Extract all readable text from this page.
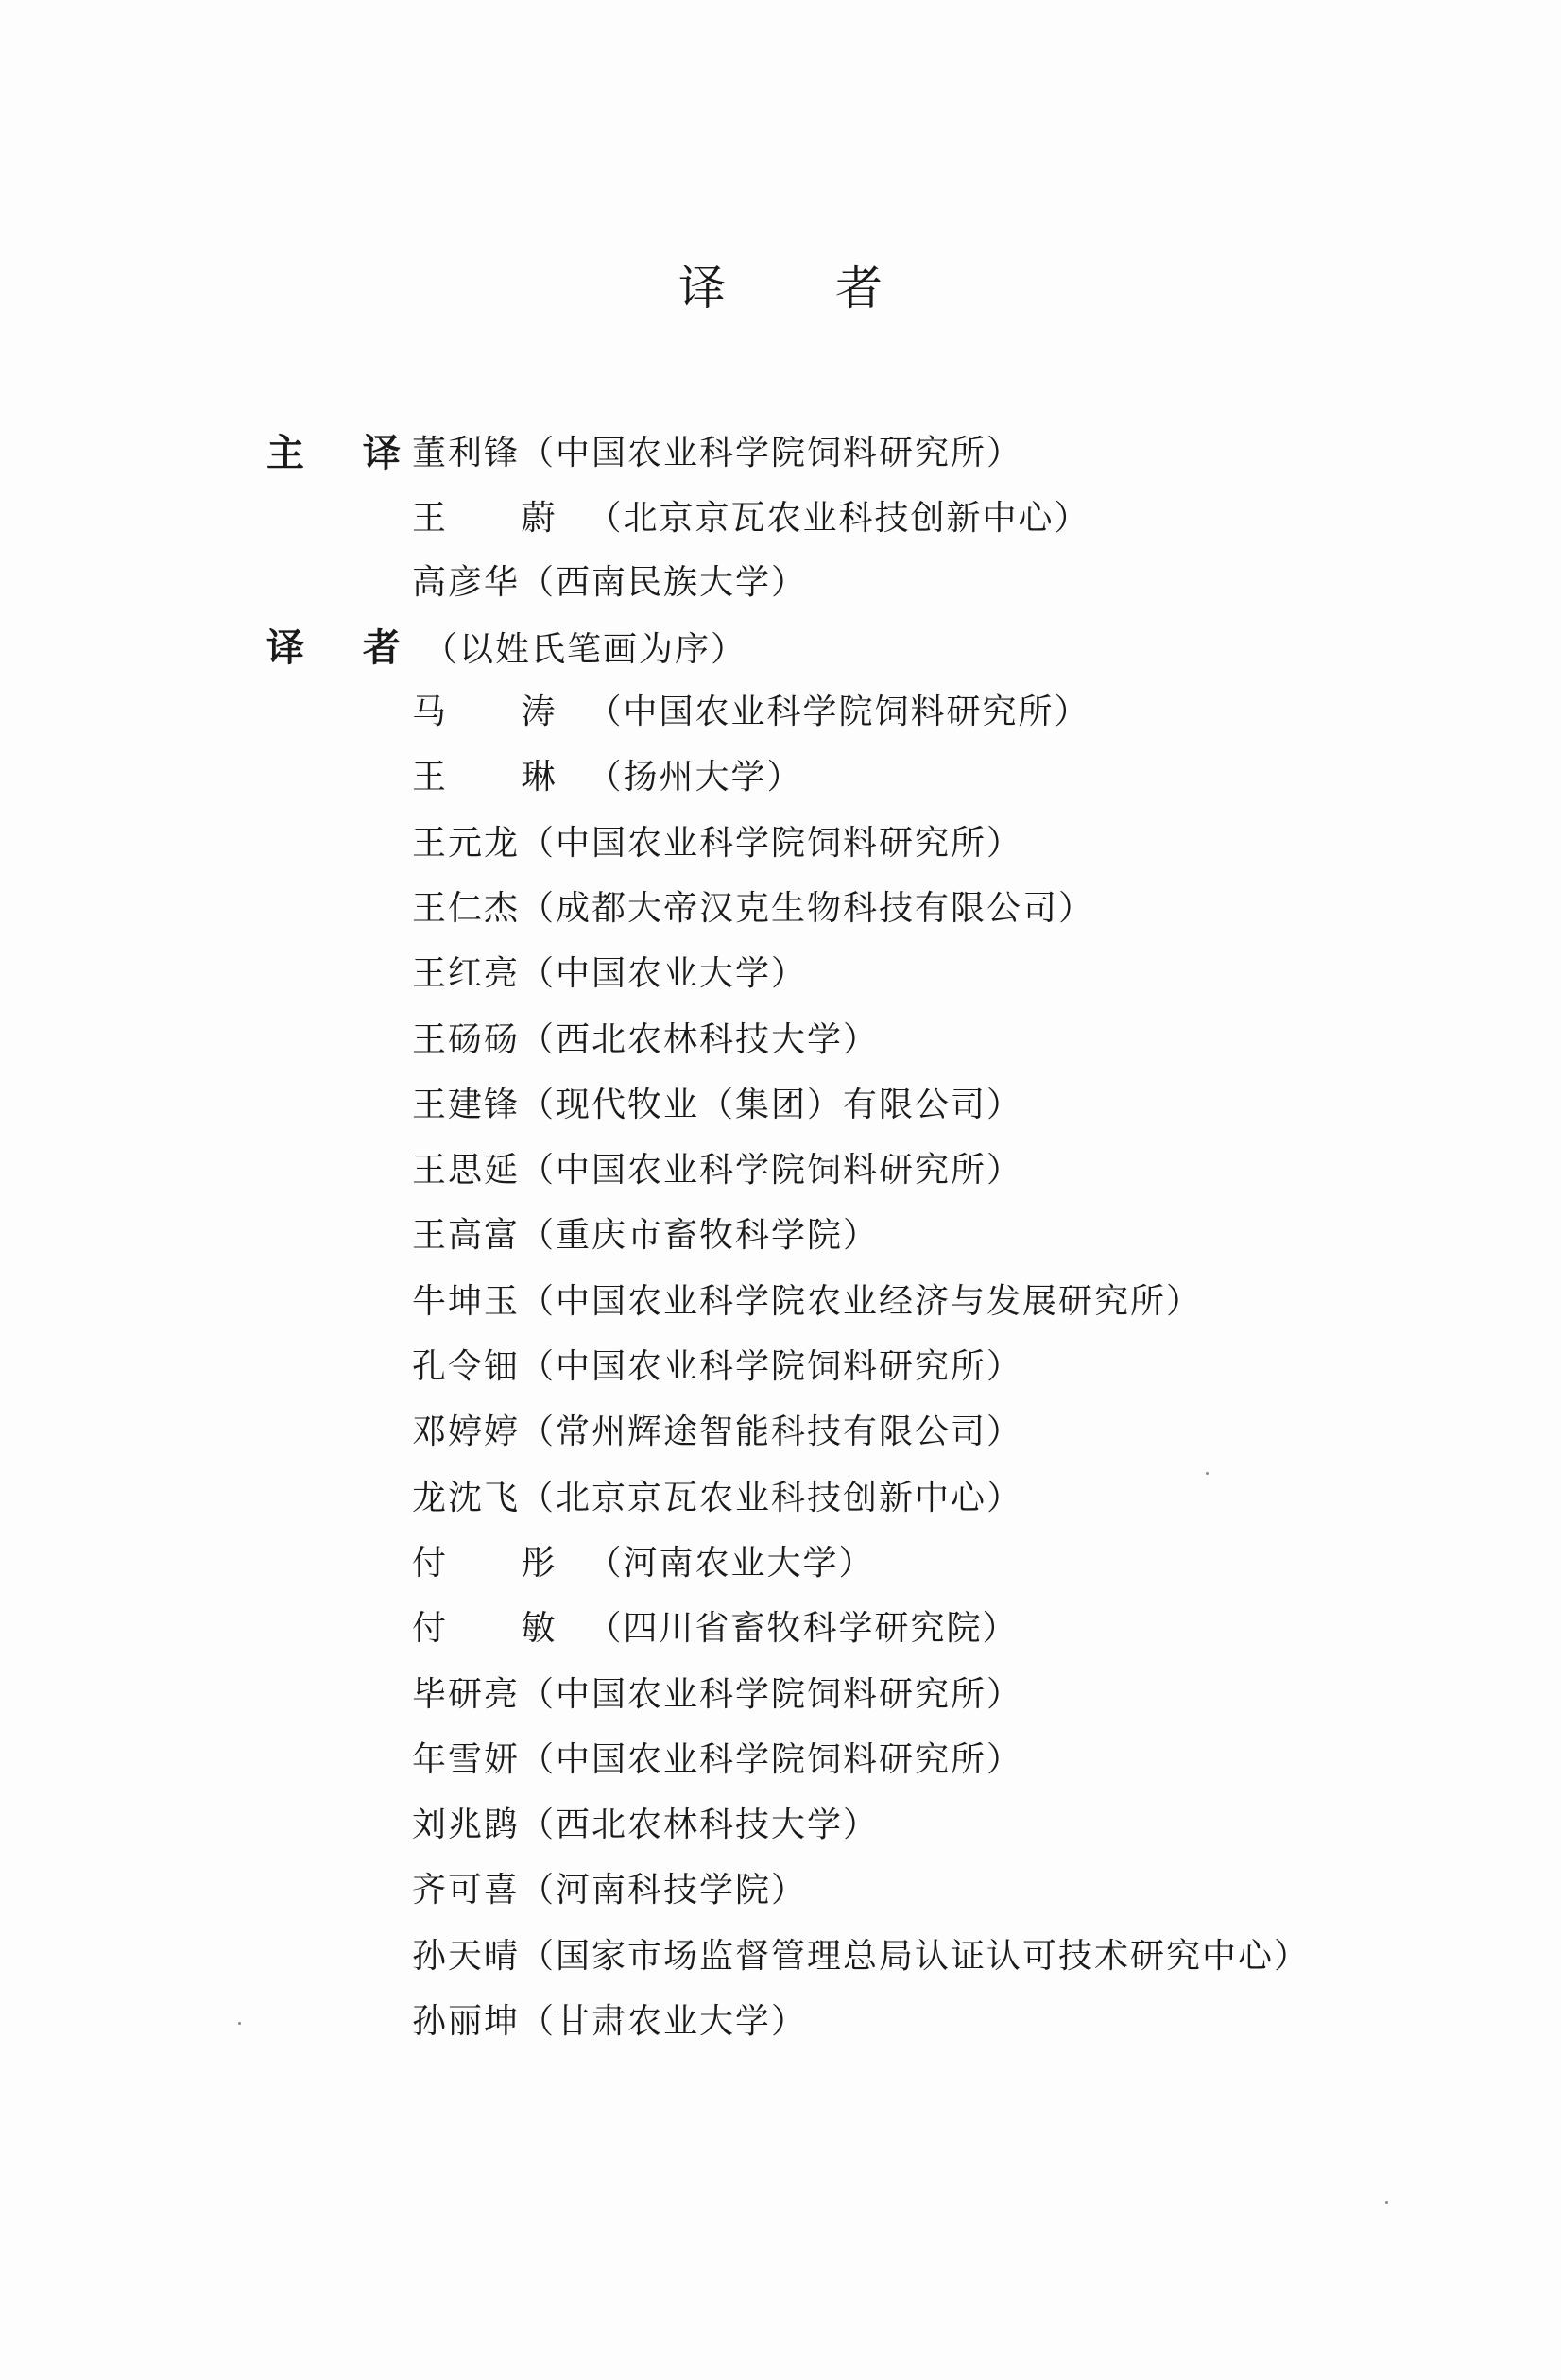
译 者
主 译
董利锋（中国农业科学院饲料研究所）
王 蔚（北京京瓦农业科技创新中心）
高彦华（西南民族大学）
译 者（以姓氏笔画为序）
马 涛（中国农业科学院饲料研究所）
王 琳（扬州大学）
王元龙（中国农业科学院饲料研究所）
王仁杰（成都大帝汉克生物科技有限公司）
王红亮（中国农业大学）
王砀砀（西北农林科技大学）
王建锋（现代牧业（集团）有限公司）
王思延（中国农业科学院饲料研究所）
王高富（重庆市畜牧科学院）
牛坤玉（中国农业科学院农业经济与发展研究所）
孔令钿（中国农业科学院饲料研究所）
邓婷婷（常州辉途智能科技有限公司）
龙沈飞（北京京瓦农业科技创新中心）
付 彤（河南农业大学）
付 敏（四川省畜牧科学研究院）
毕研亮（中国农业科学院饲料研究所）
年雪妍（中国农业科学院饲料研究所）
刘兆鹍（西北农林科技大学）
齐可喜（河南科技学院）
孙天晴（国家市场监督管理总局认证认可技术研究中心）
孙丽坤（甘肃农业大学）
